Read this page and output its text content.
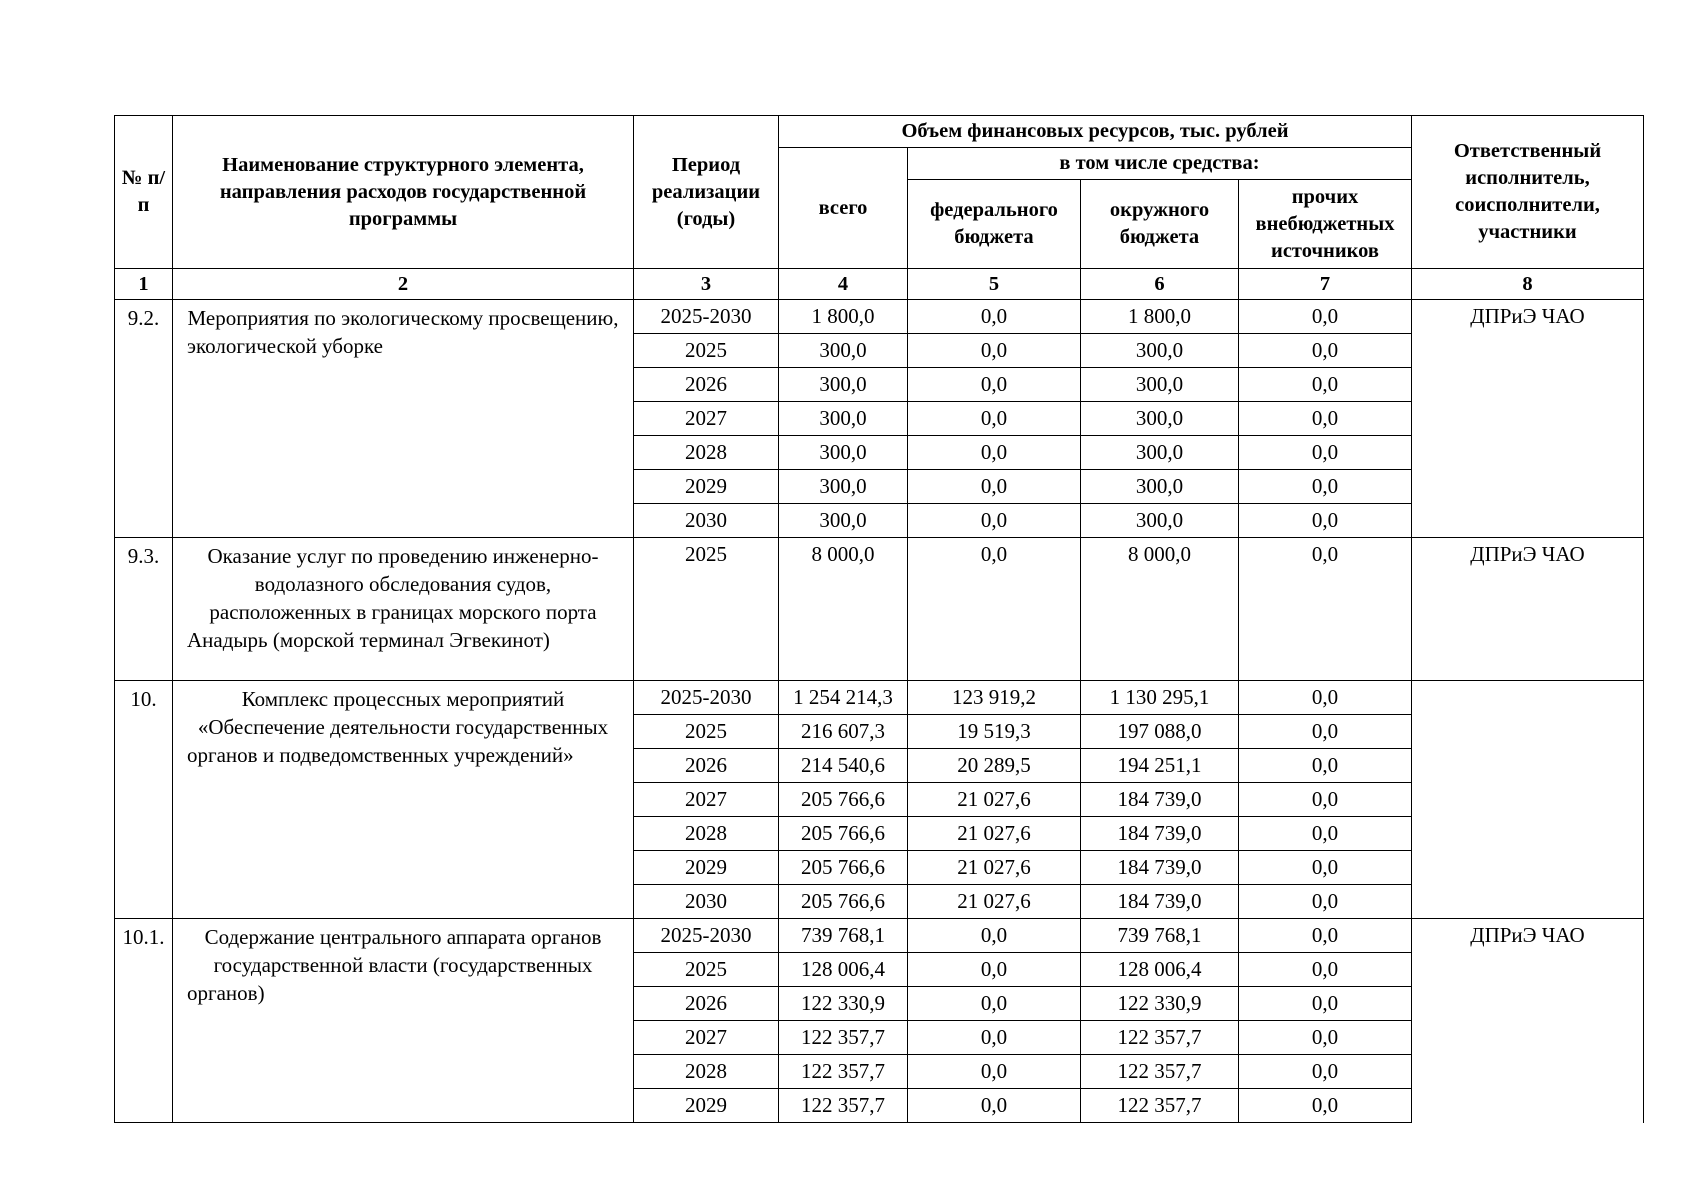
№ п/п	Наименование структурного элемента, направления расходов государственной программы	Период реализации (годы)	Объем финансовых ресурсов, тыс. рублей				Ответственный исполнитель, соисполнители, участники
			всего	в том числе средства:			
				федерального бюджета	окружного бюджета	прочих внебюджетных источников	
1	2	3	4	5	6	7	8
9.2.	Мероприятия по экологическому просвещению, экологической уборке	2025-2030	1 800,0	0,0	1 800,0	0,0	ДПРиЭ ЧАО
		2025	300,0	0,0	300,0	0,0	
		2026	300,0	0,0	300,0	0,0	
		2027	300,0	0,0	300,0	0,0	
		2028	300,0	0,0	300,0	0,0	
		2029	300,0	0,0	300,0	0,0	
		2030	300,0	0,0	300,0	0,0	
9.3.	Оказание услуг по проведению инженерно-водолазного обследования судов, расположенных в границах морского порта Анадырь (морской терминал Эгвекинот)	2025	8 000,0	0,0	8 000,0	0,0	ДПРиЭ ЧАО
10.	Комплекс процессных мероприятий «Обеспечение деятельности государственных органов и подведомственных учреждений»	2025-2030	1 254 214,3	123 919,2	1 130 295,1	0,0	
		2025	216 607,3	19 519,3	197 088,0	0,0	
		2026	214 540,6	20 289,5	194 251,1	0,0	
		2027	205 766,6	21 027,6	184 739,0	0,0	
		2028	205 766,6	21 027,6	184 739,0	0,0	
		2029	205 766,6	21 027,6	184 739,0	0,0	
		2030	205 766,6	21 027,6	184 739,0	0,0	
10.1.	Содержание центрального аппарата органов государственной власти (государственных органов)	2025-2030	739 768,1	0,0	739 768,1	0,0	ДПРиЭ ЧАО
		2025	128 006,4	0,0	128 006,4	0,0	
		2026	122 330,9	0,0	122 330,9	0,0	
		2027	122 357,7	0,0	122 357,7	0,0	
		2028	122 357,7	0,0	122 357,7	0,0	
		2029	122 357,7	0,0	122 357,7	0,0	
